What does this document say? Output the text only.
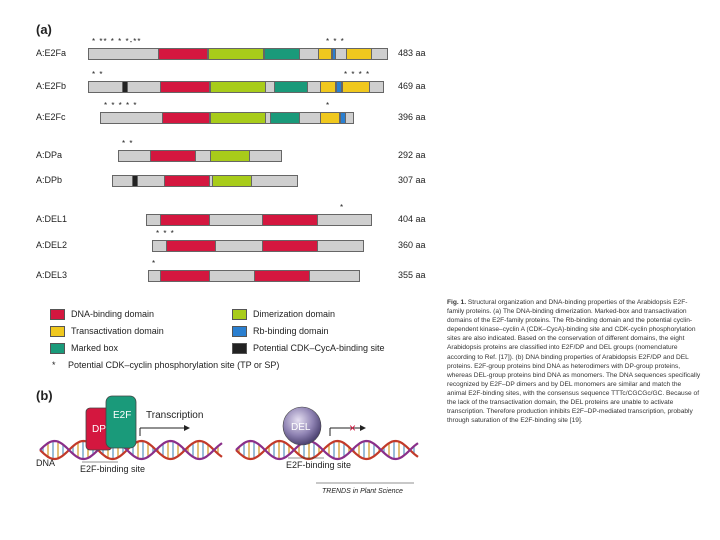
(a)
A:E2Fa	483 aa
* ** * * *-**	* * *
A:E2Fb	469 aa
* *	* * * *
A:E2Fc	396 aa
* * * * *	*
A:DPa	292 aa
* *
A:DPb	307 aa
A:DEL1	404 aa
*
A:DEL2	360 aa
* * *
A:DEL3	355 aa
*
DNA-binding domain	Dimerization domain
Transactivation domain	Rb-binding domain
Marked box	Potential CDK–CycA-binding site
* Potential CDK–cyclin phosphorylation site (TP or SP)
(b)
DP
E2F Transcription
DEL	×
E2F-binding site	E2F-binding site
DNA
TRENDS in Plant Science
Fig. 1. Structural organization and DNA-binding properties of the Arabidopsis E2F-family proteins. (a) The DNA-binding dimerization. Marked-box and transactivation domains of the E2F-family proteins. The Rb-binding domain and the potential cyclin-dependent kinase–cyclin A (CDK–CycA)-binding site and CDK-cyclin phosphorylation sites are also indicated. Based on the conservation of different domains, the eight Arabidopsis proteins are classified into E2F/DP and DEL groups (nomenclature according to Ref. [17]). (b) DNA binding properties of Arabidopsis E2F/DP and DEL proteins. E2F-group proteins bind DNA as heterodimers with DP-group proteins, whereas DEL-group proteins bind DNA as monomers. The DNA sequences specifically recognized by E2F–DP dimers and by DEL monomers are similar and match the animal E2F-binding sites, with the consensus sequence TTTc/CGCGc/GC. Because of the lack of the transactivation domain, the DEL proteins are unable to activate transcription. Therefore production inhibits E2F–DP-mediated transcription, probably through saturation of the E2F-binding site [19].
